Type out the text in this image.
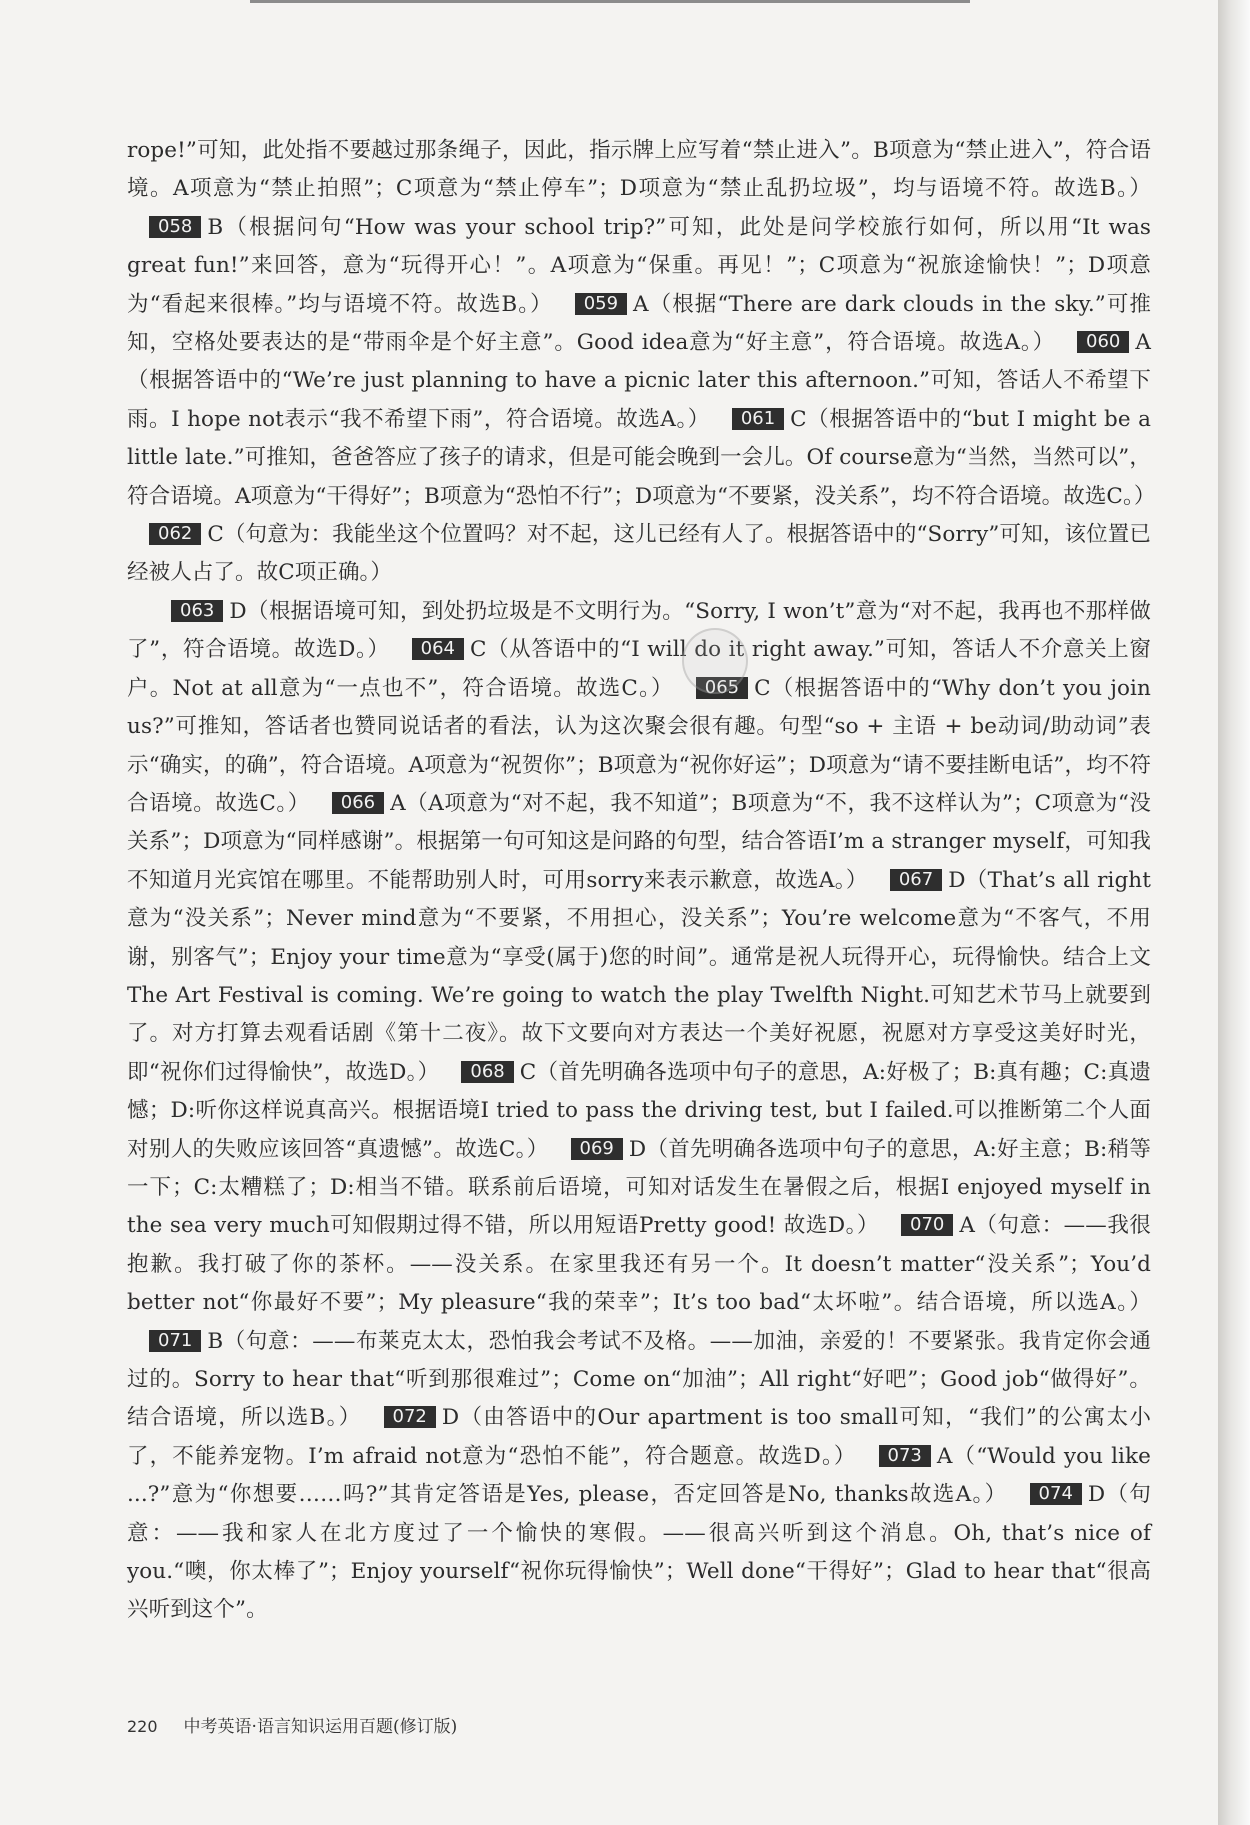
rope!”可知，此处指不要越过那条绳子，因此，指示牌上应写着“禁止进入”。B项意为“禁止进入”，符合语境。A项意为“禁止拍照”；C项意为“禁止停车”；D项意为“禁止乱扔垃圾”，均与语境不符。故选B。）058 B（根据问句“How was your school trip?”可知，此处是问学校旅行如何，所以用“It was great fun!”来回答，意为“玩得开心！”。A项意为“保重。再见！”；C项意为“祝旅途愉快！”；D项意为“看起来很棒。”均与语境不符。故选B。） 059 A（根据“There are dark clouds in the sky.”可推知，空格处要表达的是“带雨伞是个好主意”。Good idea意为“好主意”，符合语境。故选A。） 060 A（根据答语中的“We’re just planning to have a picnic later this afternoon.”可知，答话人不希望下雨。I hope not表示“我不希望下雨”，符合语境。故选A。） 061 C（根据答语中的“but I might be a little late.”可推知，爸爸答应了孩子的请求，但是可能会晚到一会儿。Of course意为“当然，当然可以”，符合语境。A项意为“干得好”；B项意为“恐怕不行”；D项意为“不要紧，没关系”，均不符合语境。故选C。）062 C（句意为：我能坐这个位置吗？对不起，这儿已经有人了。根据答语中的“Sorry”可知，该位置已经被人占了。故C项正确。）

063 D（根据语境可知，到处扔垃圾是不文明行为。“Sorry, I won’t”意为“对不起，我再也不那样做了”，符合语境。故选D。） 064 C（从答语中的“I will do it right away.”可知，答话人不介意关上窗户。Not at all意为“一点也不”，符合语境。故选C。） 065 C（根据答语中的“Why don’t you join us?”可推知，答话者也赞同说话者的看法，认为这次聚会很有趣。句型“so + 主语 + be动词/助动词”表示“确实，的确”，符合语境。A项意为“祝贺你”；B项意为“祝你好运”；D项意为“请不要挂断电话”，均不符合语境。故选C。） 066 A（A项意为“对不起，我不知道”；B项意为“不，我不这样认为”；C项意为“没关系”；D项意为“同样感谢”。根据第一句可知这是问路的句型，结合答语I’m a stranger myself，可知我不知道月光宾馆在哪里。不能帮助别人时，可用sorry来表示歉意，故选A。） 067 D（That’s all right意为“没关系”；Never mind意为“不要紧，不用担心，没关系”；You’re welcome意为“不客气，不用谢，别客气”；Enjoy your time意为“享受(属于)您的时间”。通常是祝人玩得开心，玩得愉快。结合上文The Art Festival is coming. We’re going to watch the play Twelfth Night.可知艺术节马上就要到了。对方打算去观看话剧《第十二夜》。故下文要向对方表达一个美好祝愿，祝愿对方享受这美好时光，即“祝你们过得愉快”，故选D。） 068 C（首先明确各选项中句子的意思，A:好极了；B:真有趣；C:真遗憾；D:听你这样说真高兴。根据语境I tried to pass the driving test, but I failed.可以推断第二个人面对别人的失败应该回答“真遗憾”。故选C。） 069 D（首先明确各选项中句子的意思，A:好主意；B:稍等一下；C:太糟糕了；D:相当不错。联系前后语境，可知对话发生在暑假之后，根据I enjoyed myself in the sea very much可知假期过得不错，所以用短语Pretty good! 故选D。） 070 A（句意：——我很抱歉。我打破了你的茶杯。——没关系。在家里我还有另一个。It doesn’t matter“没关系”；You’d better not“你最好不要”；My pleasure“我的荣幸”；It’s too bad“太坏啦”。结合语境，所以选A。）071 B（句意：——布莱克太太，恐怕我会考试不及格。——加油，亲爱的！不要紧张。我肯定你会通过的。Sorry to hear that“听到那很难过”；Come on“加油”；All right“好吧”；Good job“做得好”。结合语境，所以选B。） 072 D（由答语中的Our apartment is too small可知，“我们”的公寓太小了，不能养宠物。I’m afraid not意为“恐怕不能”，符合题意。故选D。） 073 A（“Would you like ...?”意为“你想要……吗?”其肯定答语是Yes, please，否定回答是No, thanks故选A。） 074 D（句意：——我和家人在北方度过了一个愉快的寒假。——很高兴听到这个消息。Oh, that’s nice of you.“噢，你太棒了”；Enjoy yourself“祝你玩得愉快”；Well done“干得好”；Glad to hear that“很高兴听到这个”。

220 中考英语·语言知识运用百题(修订版)
